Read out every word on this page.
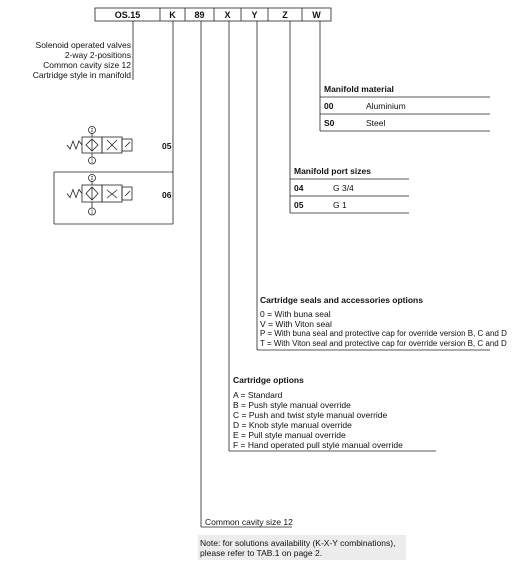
2
1
2
1
OS.15	K	89	X	Y	Z	W
Solenoid operated valves
2-way 2-positions
Common cavity size 12
Cartridge style in manifold
05
06
Manifold material
00	Aluminium
S0	Steel
Manifold port sizes
04	G 3/4
05	G 1
Cartridge seals and accessories options
0 = With buna seal
V = With Viton seal
P = With buna seal and protective cap for override version B, C and D
T = With Viton seal and protective cap for override version B, C and D
Cartridge options
A = Standard
B = Push style manual override
C = Push and twist style manual override
D = Knob style manual override
E = Pull style manual override
F = Hand operated pull style manual override
Common cavity size 12
Note: for solutions availability (K-X-Y combinations),
please refer to TAB.1 on page 2.
